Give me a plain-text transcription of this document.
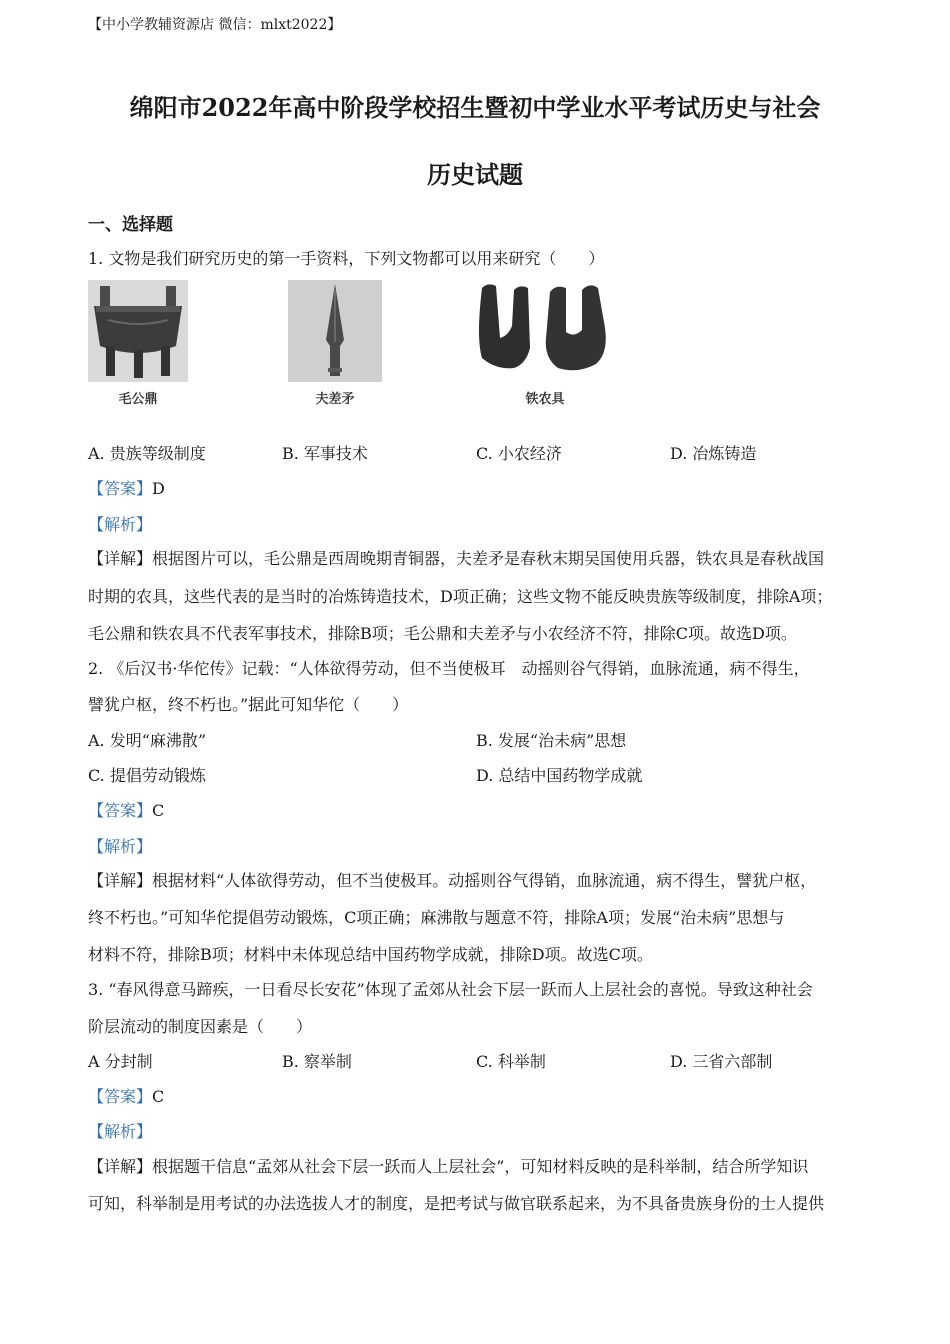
【中小学教辅资源店 微信：mlxt2022】
绵阳市2022年高中阶段学校招生暨初中学业水平考试历史与社会
历史试题
一、选择题
1. 文物是我们研究历史的第一手资料，下列文物都可以用来研究（　　）
毛公鼎	夫差矛	铁农具
A. 贵族等级制度	B. 军事技术	C. 小农经济	D. 冶炼铸造
【答案】D
【解析】
【详解】根据图片可以，毛公鼎是西周晚期青铜器，夫差矛是春秋末期吴国使用兵器，铁农具是春秋战国
时期的农具，这些代表的是当时的冶炼铸造技术，D项正确；这些文物不能反映贵族等级制度，排除A项；
毛公鼎和铁农具不代表军事技术，排除B项；毛公鼎和夫差矛与小农经济不符，排除C项。故选D项。
2. 《后汉书·华佗传》记载：“人体欲得劳动，但不当使极耳　动摇则谷气得销，血脉流通，病不得生，
譬犹户枢，终不朽也。”据此可知华佗（　　）
A. 发明“麻沸散”	B. 发展“治未病”思想
C. 提倡劳动锻炼	D. 总结中国药物学成就
【答案】C
【解析】
【详解】根据材料“人体欲得劳动，但不当使极耳。动摇则谷气得销，血脉流通，病不得生，譬犹户枢，
终不朽也。”可知华佗提倡劳动锻炼，C项正确；麻沸散与题意不符，排除A项；发展“治未病”思想与
材料不符，排除B项；材料中未体现总结中国药物学成就，排除D项。故选C项。
3. “春风得意马蹄疾，一日看尽长安花”体现了孟郊从社会下层一跃而人上层社会的喜悦。导致这种社会
阶层流动的制度因素是（　　）
A 分封制	B. 察举制	C. 科举制	D. 三省六部制
【答案】C
【解析】
【详解】根据题干信息“孟郊从社会下层一跃而人上层社会”，可知材料反映的是科举制，结合所学知识
可知，科举制是用考试的办法选拔人才的制度，是把考试与做官联系起来，为不具备贵族身份的士人提供
